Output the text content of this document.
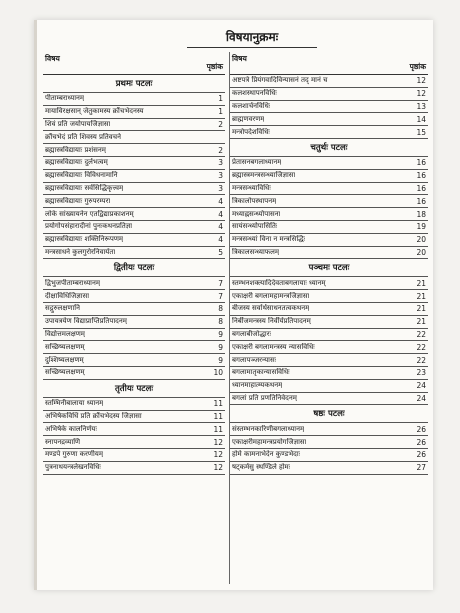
विषयानुक्रमः
विषय
पृष्ठांक
प्रथमः पटलः
पीताम्बराध्यानम्	1
मायाविरक्षसान् जेतुकामस्य क्रौंचभेदनस्य	1
शिवं प्रति जयोपायजिज्ञासा	2
क्रौंचभेदं प्रति शिवस्य प्रतिवचने
ब्रह्मास्त्रविद्यायाः प्रशंसनम्	2
ब्रह्मास्त्रविद्यायाः दुर्लभत्वम्	3
ब्रह्मास्त्रविद्यायाः विविधनामानि	3
ब्रह्मास्त्रविद्यायाः सर्वसिद्धिकृत्त्वम्	3
ब्रह्मास्त्रविद्यायाः गुरुपरम्परा	4
लोके सांख्यायनेन एतद्विद्याप्रकाशनम्	4
प्रयोगोपसंहारादीनां पुनःकथनप्रतिज्ञा	4
ब्रह्मास्त्रविद्यायाः शक्तिनिरूपणम्	4
मन्त्रसाधने कुलगुरोरनिवार्यता	5
द्वितीयः पटलः
द्विभुजपीताम्बराध्यानम्	7
दीक्षाविधिजिज्ञासा	7
सद्गुरुलक्षणानि	8
उपायत्रयेण विद्याप्राप्तिप्रतिपादनम्	8
विद्योत्तमलक्षणम्	9
सच्छिष्यलक्षणम्	9
दुश्शिष्यलक्षणम्	9
सच्छिष्यलक्षणम्	10
तृतीयः पटलः
स्तम्भिनीबालाया ध्यानम्	11
अभिषेकविधिं प्रति क्रौंचभेदस्य जिज्ञासा	11
अभिषेके कालनिर्णयः	11
स्नापनद्रव्याणि	12
मण्डपे गुरुणा करणीयम्	12
पुत्रनाथयन्त्रलेखनविधिः	12
विषय
पृष्ठांक
अष्टपत्रे प्रियंगवादिविन्यासनं तद् मानं च	12
कलशस्थापनविधिः	12
कलशार्चनविधिः	13
ब्राह्मणवरणम्	14
मन्त्रोपदेशविधिः	15
चतुर्थः पटलः
प्रेतासनबगलाध्यानम्	16
ब्रह्मास्त्रमन्त्रसन्ध्याजिज्ञासा	16
मन्त्रसन्ध्याविधिः	16
त्रिकालोपस्थापनम्	16
मध्याह्नसन्ध्योपासना	18
सायंसन्ध्योपासितिः	19
मन्त्रसन्ध्यां विना न मन्त्रसिद्धिः	20
त्रिकालसन्ध्याफलम्	20
पञ्चमः पटलः
स्तम्भनशक्त्यादिदेवताबगलायाः ध्यानम्	21
एकाक्षरी बगलामहामन्त्रजिज्ञासा	21
बीजस्य सर्वार्थसाधनतत्वकथनम्	21
निर्बीजमन्त्रस्य निर्वीर्यप्रतिपादनम्	21
बगलाबीजोद्धारः	22
एकाक्षरी बगलामन्त्रस्य न्यासविधिः	22
बगलापञ्जरन्यासः	22
बगलामातृकान्यासविधिः	23
ध्यानमाहात्म्यकथनम्	24
बगलां प्रति प्रणतिनिवेदनम्	24
षष्ठः पटलः
संस्तम्भनकारिणीबगलाध्यानम्	26
एकाक्षरीमहामन्त्रप्रयोगजिज्ञासा	26
होमे कामनाभेदेन कुण्डभेदाः	26
षट्कर्मसु स्थण्डिले होमः	27
